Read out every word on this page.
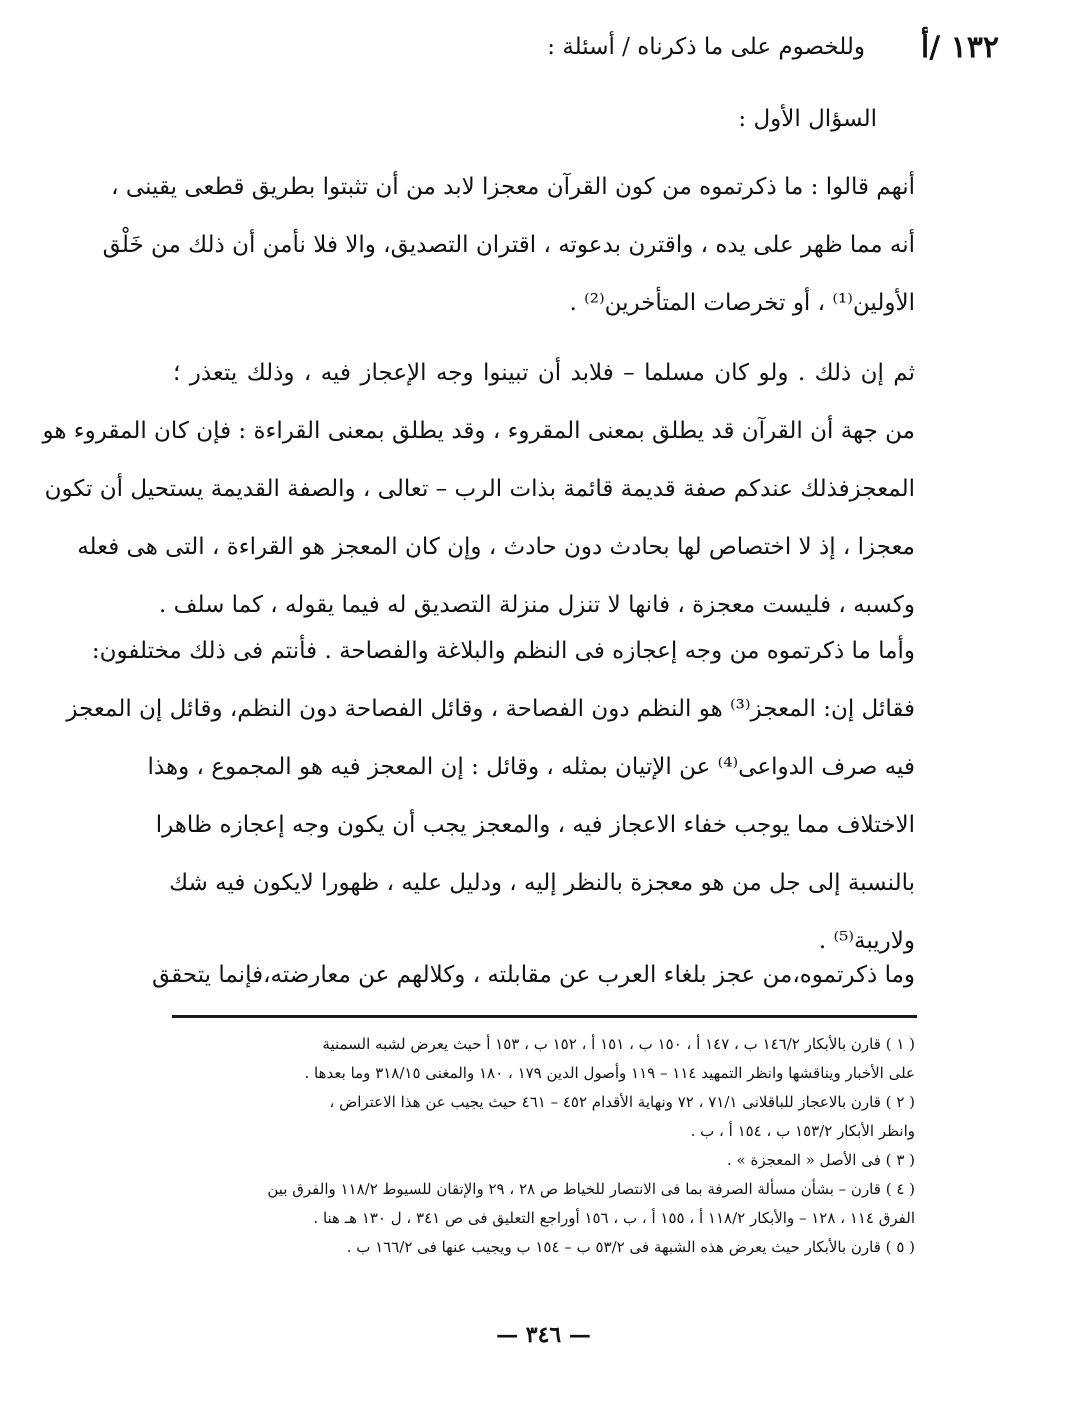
١٣٢ /أ
وللخصوم على ما ذكرناه / أسئلة :
السؤال الأول :
أنهم قالوا : ما ذكرتموه من كون القرآن معجزا لابد من أن تثبتوا بطريق قطعى يقينى ،
أنه مما ظهر على يده ، واقترن بدعوته ، اقتران التصديق، والا فلا نأمن أن ذلك من خَلْق
الأولين⁽¹⁾ ، أو تخرصات المتأخرين⁽²⁾ .
ثم إن ذلك . ولو كان مسلما – فلابد أن تبينوا وجه الإعجاز فيه ، وذلك يتعذر ؛
من جهة أن القرآن قد يطلق بمعنى المقروء ، وقد يطلق بمعنى القراءة : فإن كان المقروء هو
المعجزفذلك عندكم صفة قديمة قائمة بذات الرب – تعالى ، والصفة القديمة يستحيل أن تكون
معجزا ، إذ لا اختصاص لها بحادث دون حادث ، وإن كان المعجز هو القراءة ، التى هى فعله
وكسبه ، فليست معجزة ، فانها لا تنزل منزلة التصديق له فيما يقوله ، كما سلف .
وأما ما ذكرتموه من وجه إعجازه فى النظم والبلاغة والفصاحة . فأنتم فى ذلك مختلفون:
فقائل إن: المعجز⁽³⁾ هو النظم دون الفصاحة ، وقائل الفصاحة دون النظم، وقائل إن المعجز
فيه صرف الدواعى⁽⁴⁾ عن الإتيان بمثله ، وقائل : إن المعجز فيه هو المجموع ، وهذا
الاختلاف مما يوجب خفاء الاعجاز فيه ، والمعجز يجب أن يكون وجه إعجازه ظاهرا
بالنسبة إلى جل من هو معجزة بالنظر إليه ، ودليل عليه ، ظهورا لايكون فيه شك
ولاريبة⁽⁵⁾ .
وما ذكرتموه،من عجز بلغاء العرب عن مقابلته ، وكلالهم عن معارضته،فإنما يتحقق
( ١ ) قارن بالأبكار ١٤٦/٢ ب ، ١٤٧ أ ، ١٥٠ ب ، ١٥١ أ ، ١٥٢ ب ، ١٥٣ أ حيث يعرض لشبه السمنية
على الأخبار ويناقشها وانظر التمهيد ١١٤ – ١١٩ وأصول الدين ١٧٩ ، ١٨٠ والمغنى ٣١٨/١٥ وما بعدها .
( ٢ ) قارن بالاعجاز للباقلانى ٧١/١ ، ٧٢ ونهاية الأقدام ٤٥٢ – ٤٦١ حيث يجيب عن هذا الاعتراض ،
وانظر الأبكار ١٥٣/٢ ب ، ١٥٤ أ ، ب .
( ٣ ) فى الأصل « المعجزة » .
( ٤ ) قارن – بشأن مسألة الصرفة بما فى الانتصار للخياط ص ٢٨ ، ٢٩ والإتقان للسيوط ١١٨/٢ والفرق بين
الفرق ١١٤ ، ١٢٨ – والأبكار ١١٨/٢ أ ، ١٥٥ أ ، ب ، ١٥٦ أوراجع التعليق فى ص ٣٤١ ، ل ١٣٠ هـ هنا .
( ٥ ) قارن بالأبكار حيث يعرض هذه الشبهة فى ٥٣/٢ ب – ١٥٤ ب ويجيب عنها فى ١٦٦/٢ ب .
— ٣٤٦ —
